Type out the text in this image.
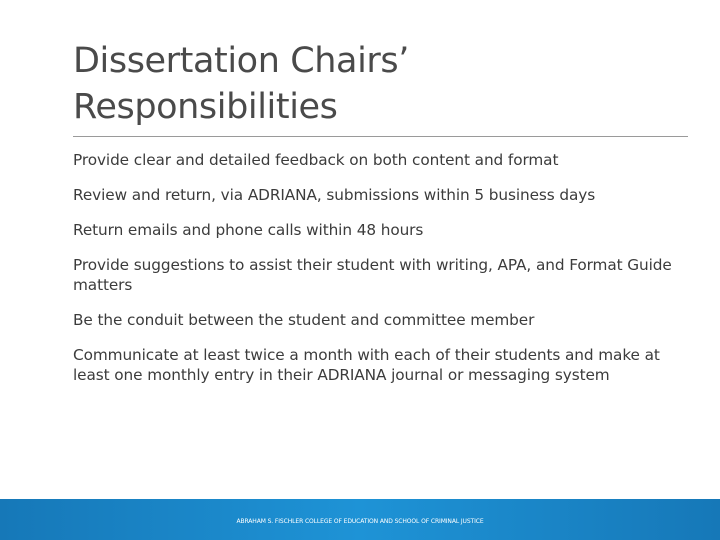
Dissertation Chairs’ Responsibilities
Provide clear and detailed feedback on both content and format
Review and return, via ADRIANA, submissions within 5 business days
Return emails and phone calls within 48 hours
Provide suggestions to assist their student with writing, APA, and Format Guide matters
Be the conduit between the student and committee member
Communicate at least twice a month with each of their students and make at least one monthly entry in their ADRIANA journal or messaging system
ABRAHAM S. FISCHLER COLLEGE OF EDUCATION AND SCHOOL OF CRIMINAL JUSTICE
